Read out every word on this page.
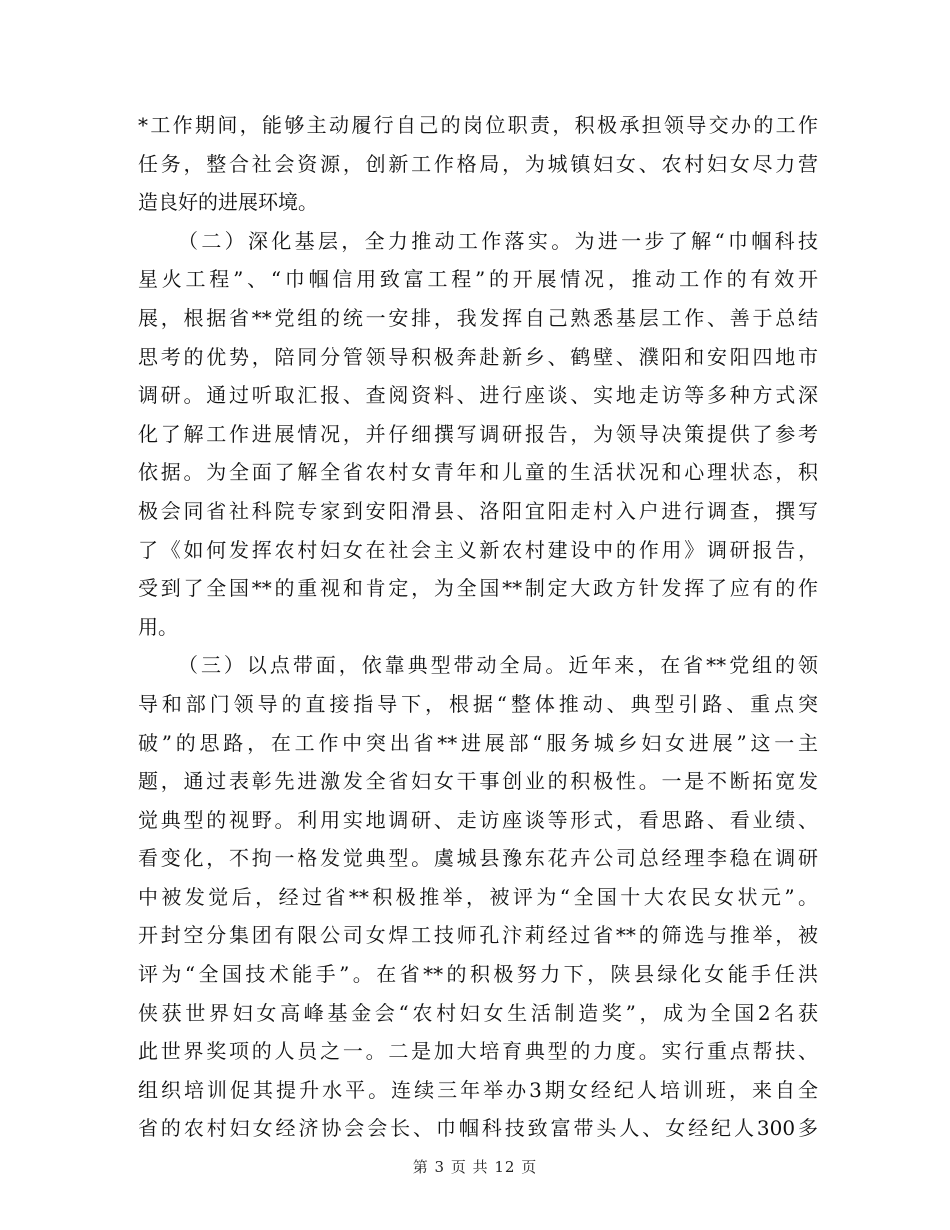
*工作期间，能够主动履行自己的岗位职责，积极承担领导交办的工作
任务，整合社会资源，创新工作格局，为城镇妇女、农村妇女尽力营
造良好的进展环境。
（二）深化基层，全力推动工作落实。为进一步了解“巾帼科技
星火工程”、“巾帼信用致富工程”的开展情况，推动工作的有效开
展，根据省**党组的统一安排，我发挥自己熟悉基层工作、善于总结
思考的优势，陪同分管领导积极奔赴新乡、鹤壁、濮阳和安阳四地市
调研。通过听取汇报、查阅资料、进行座谈、实地走访等多种方式深
化了解工作进展情况，并仔细撰写调研报告，为领导决策提供了参考
依据。为全面了解全省农村女青年和儿童的生活状况和心理状态，积
极会同省社科院专家到安阳滑县、洛阳宜阳走村入户进行调查，撰写
了《如何发挥农村妇女在社会主义新农村建设中的作用》调研报告，
受到了全国**的重视和肯定，为全国**制定大政方针发挥了应有的作
用。
（三）以点带面，依靠典型带动全局。近年来，在省**党组的领
导和部门领导的直接指导下，根据“整体推动、典型引路、重点突
破”的思路，在工作中突出省**进展部“服务城乡妇女进展”这一主
题，通过表彰先进激发全省妇女干事创业的积极性。一是不断拓宽发
觉典型的视野。利用实地调研、走访座谈等形式，看思路、看业绩、
看变化，不拘一格发觉典型。虞城县豫东花卉公司总经理李稳在调研
中被发觉后，经过省**积极推举，被评为“全国十大农民女状元”。
开封空分集团有限公司女焊工技师孔汴莉经过省**的筛选与推举，被
评为“全国技术能手”。在省**的积极努力下，陕县绿化女能手任洪
侠获世界妇女高峰基金会“农村妇女生活制造奖”，成为全国2名获
此世界奖项的人员之一。二是加大培育典型的力度。实行重点帮扶、
组织培训促其提升水平。连续三年举办3期女经纪人培训班，来自全
省的农村妇女经济协会会长、巾帼科技致富带头人、女经纪人300多
第 3 页 共 12 页
